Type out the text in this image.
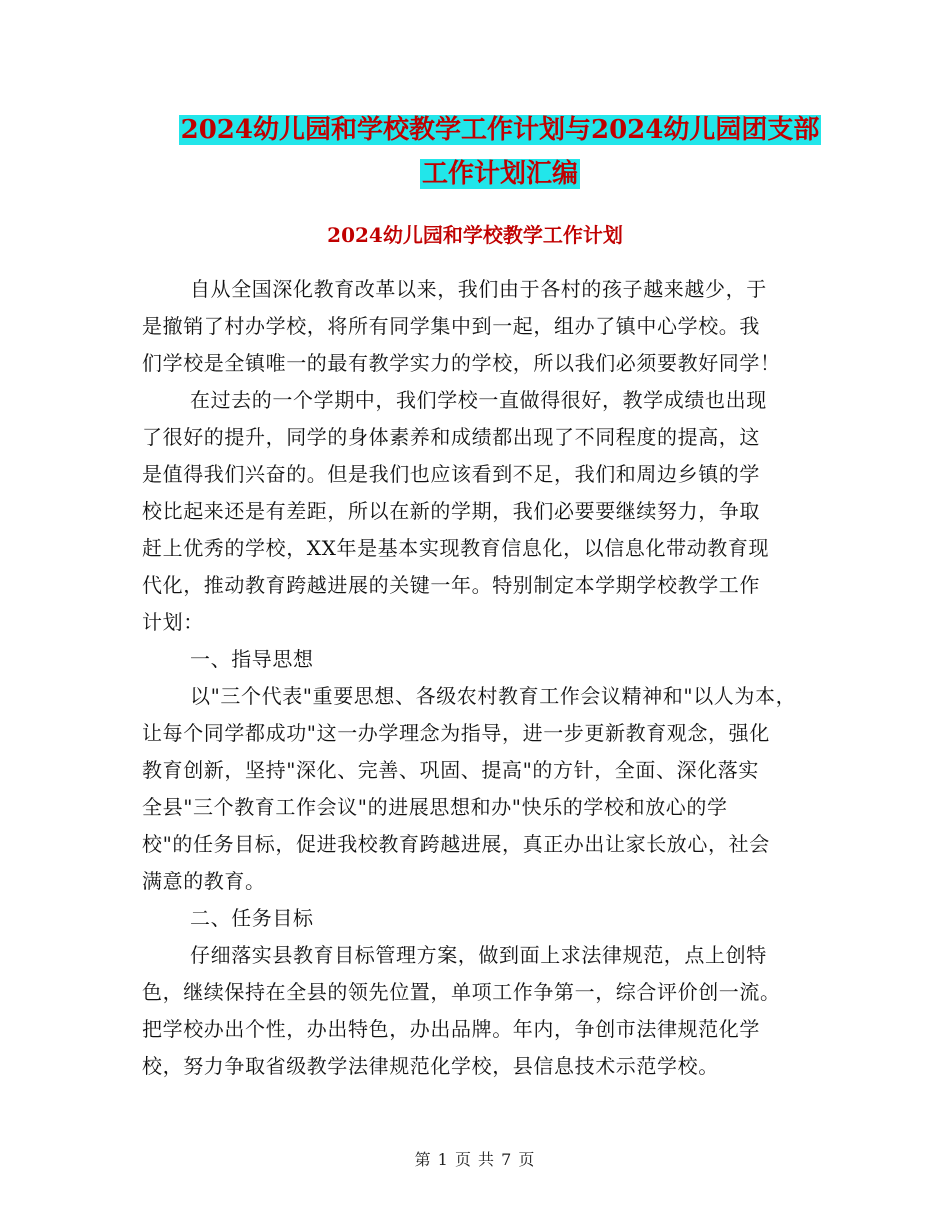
2024幼儿园和学校教学工作计划与2024幼儿园团支部
工作计划汇编
2024幼儿园和学校教学工作计划
自从全国深化教育改革以来，我们由于各村的孩子越来越少，于
是撤销了村办学校，将所有同学集中到一起，组办了镇中心学校。我
们学校是全镇唯一的最有教学实力的学校，所以我们必须要教好同学！
在过去的一个学期中，我们学校一直做得很好，教学成绩也出现
了很好的提升，同学的身体素养和成绩都出现了不同程度的提高，这
是值得我们兴奋的。但是我们也应该看到不足，我们和周边乡镇的学
校比起来还是有差距，所以在新的学期，我们必要要继续努力，争取
赶上优秀的学校，XX年是基本实现教育信息化，以信息化带动教育现
代化，推动教育跨越进展的关键一年。特别制定本学期学校教学工作
计划：
一、指导思想
以"三个代表"重要思想、各级农村教育工作会议精神和"以人为本，
让每个同学都成功"这一办学理念为指导，进一步更新教育观念，强化
教育创新，坚持"深化、完善、巩固、提高"的方针，全面、深化落实
全县"三个教育工作会议"的进展思想和办"快乐的学校和放心的学
校"的任务目标，促进我校教育跨越进展，真正办出让家长放心，社会
满意的教育。
二、任务目标
仔细落实县教育目标管理方案，做到面上求法律规范，点上创特
色，继续保持在全县的领先位置，单项工作争第一，综合评价创一流。
把学校办出个性，办出特色，办出品牌。年内，争创市法律规范化学
校，努力争取省级教学法律规范化学校，县信息技术示范学校。
第 1 页 共 7 页
